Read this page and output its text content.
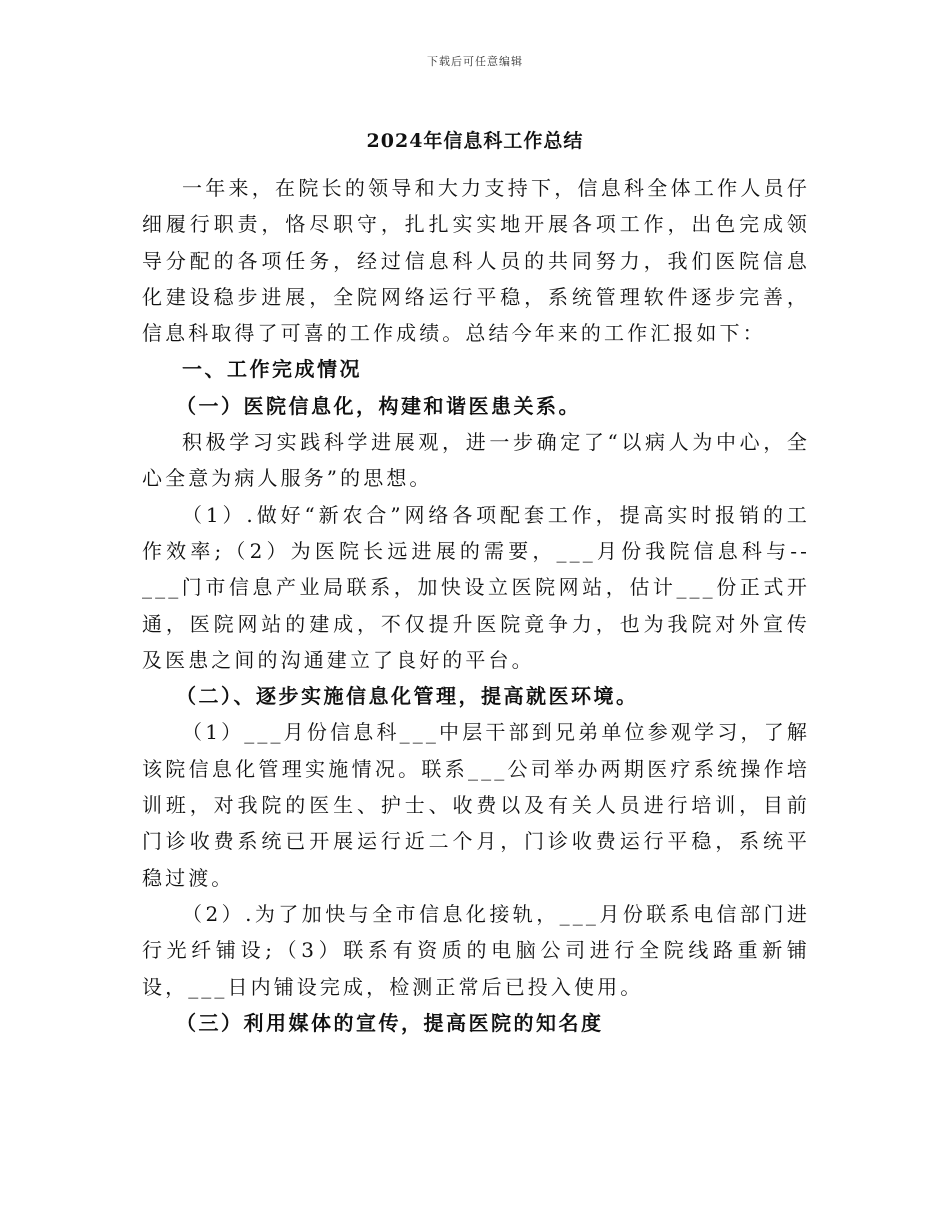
下载后可任意编辑
2024年信息科工作总结

一年来，在院长的领导和大力支持下，信息科全体工作人员仔细履行职责，恪尽职守，扎扎实实地开展各项工作，出色完成领导分配的各项任务，经过信息科人员的共同努力，我们医院信息化建设稳步进展，全院网络运行平稳，系统管理软件逐步完善，信息科取得了可喜的工作成绩。总结今年来的工作汇报如下：

一、工作完成情况

（一）医院信息化，构建和谐医患关系。

积极学习实践科学进展观，进一步确定了“以病人为中心，全心全意为病人服务”的思想。

（1）.做好“新农合”网络各项配套工作，提高实时报销的工作效率;（2）为医院长远进展的需要，___月份我院信息科与--___门市信息产业局联系，加快设立医院网站，估计___份正式开通，医院网站的建成，不仅提升医院竟争力，也为我院对外宣传及医患之间的沟通建立了良好的平台。

（二）、逐步实施信息化管理，提高就医环境。

（1）___月份信息科___中层干部到兄弟单位参观学习，了解该院信息化管理实施情况。联系___公司举办两期医疗系统操作培训班，对我院的医生、护士、收费以及有关人员进行培训，目前门诊收费系统已开展运行近二个月，门诊收费运行平稳，系统平稳过渡。

（2）.为了加快与全市信息化接轨，___月份联系电信部门进行光纤铺设;（3）联系有资质的电脑公司进行全院线路重新铺设，___日内铺设完成，检测正常后已投入使用。

（三）利用媒体的宣传，提高医院的知名度
